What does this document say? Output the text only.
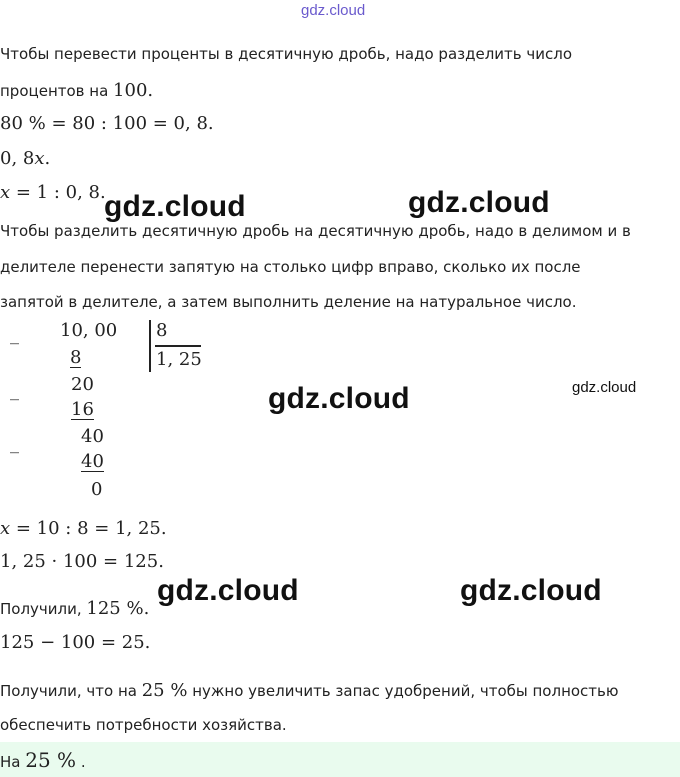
gdz.cloud
Чтобы перевести проценты в десятичную дробь, надо разделить число
процентов на 100.
80 % = 80 : 100 = 0, 8.
0, 8x.
x = 1 : 0, 8.
Чтобы разделить десятичную дробь на десятичную дробь, надо в делимом и в
делителе перенести запятую на столько цифр вправо, сколько их после
запятой в делителе, а затем выполнить деление на натуральное число.
_ 10, 00 8
1, 25
8
_	20
16
_	40
40
0
x = 10 : 8 = 1, 25.
1, 25 · 100 = 125.
Получили, 125 %.
125 − 100 = 25.
Получили, что на 25 % нужно увеличить запас удобрений, чтобы полностью
обеспечить потребности хозяйства.
На 25 % .
gdz.cloud	gdz.cloud
gdz.cloud	gdz.cloud
gdz.cloud	gdz.cloud
